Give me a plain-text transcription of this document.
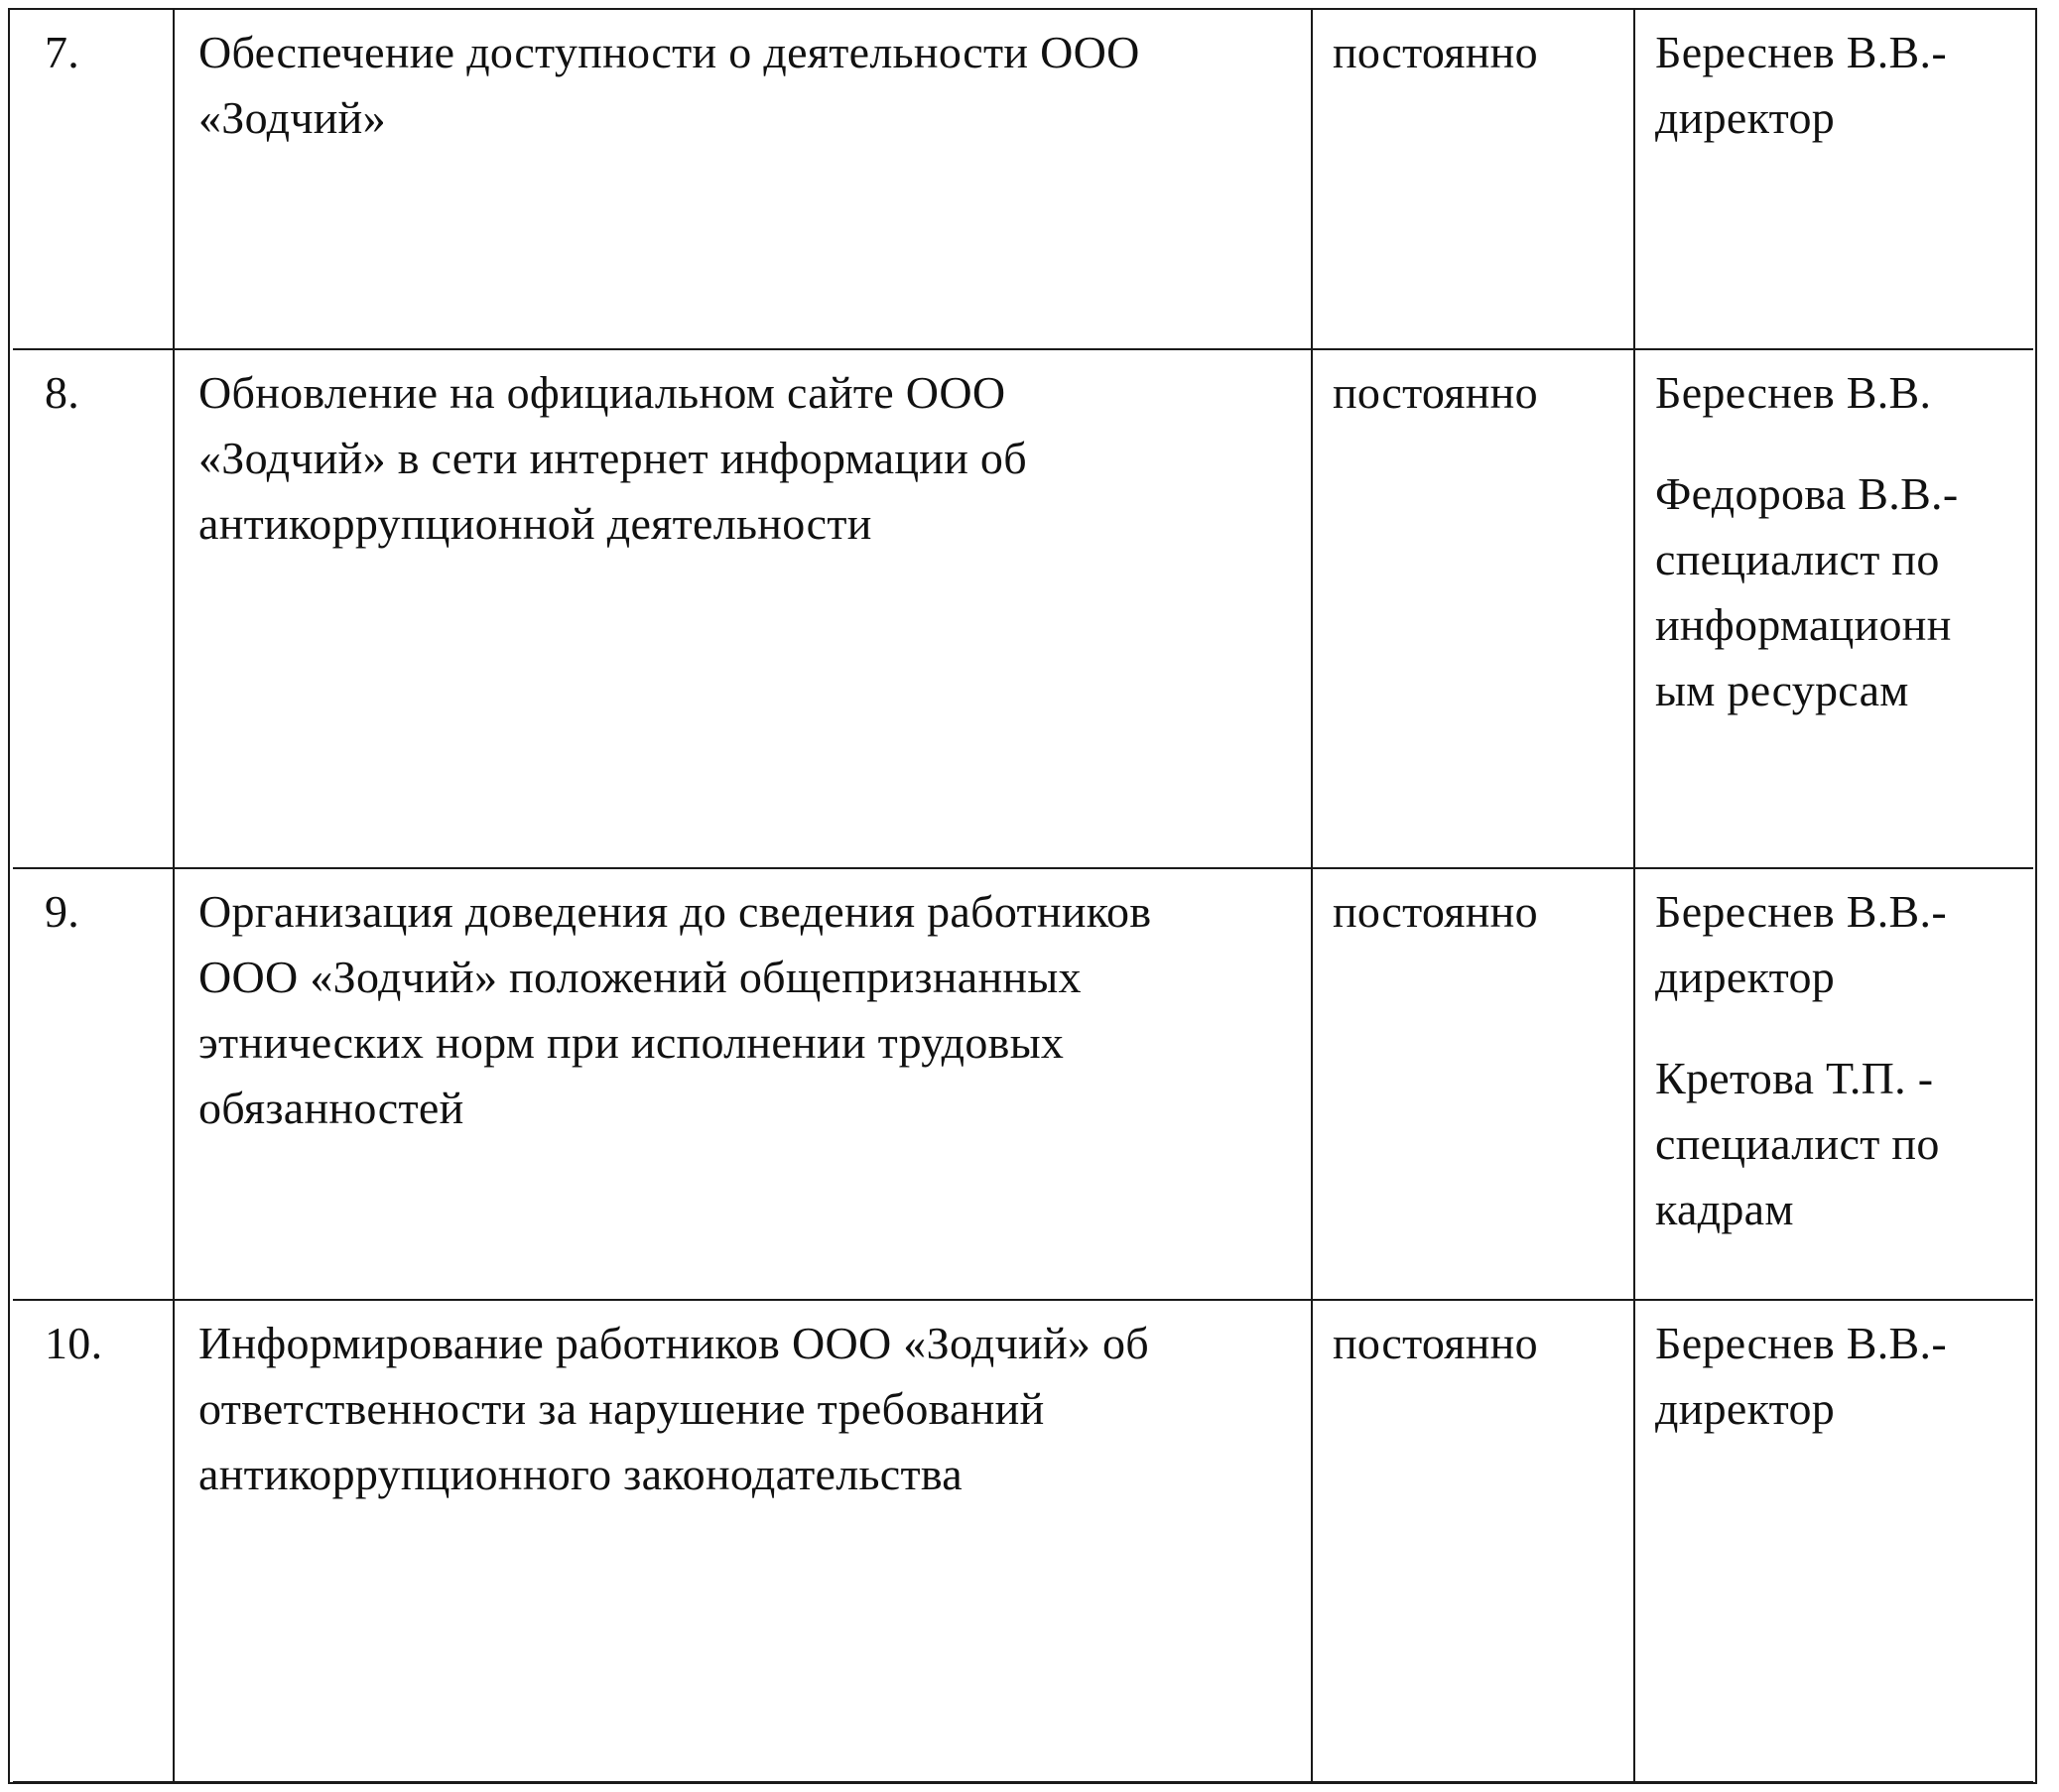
7.	Обеспечение доступности о деятельности ООО
«Зодчий»	постоянно	Береснев В.В.-
директор

8.	Обновление на официальном сайте ООО
«Зодчий» в сети интернет информации об
антикоррупционной деятельности	постоянно	Береснев В.В.
Федорова В.В.-
специалист по
информационн
ым ресурсам

9.	Организация доведения до сведения работников
ООО «Зодчий» положений общепризнанных
этнических норм при исполнении трудовых
обязанностей	постоянно	Береснев В.В.-
директор
Кретова Т.П. -
специалист по
кадрам

10.	Информирование работников ООО «Зодчий» об
ответственности за нарушение требований
антикоррупционного законодательства	постоянно	Береснев В.В.-
директор
